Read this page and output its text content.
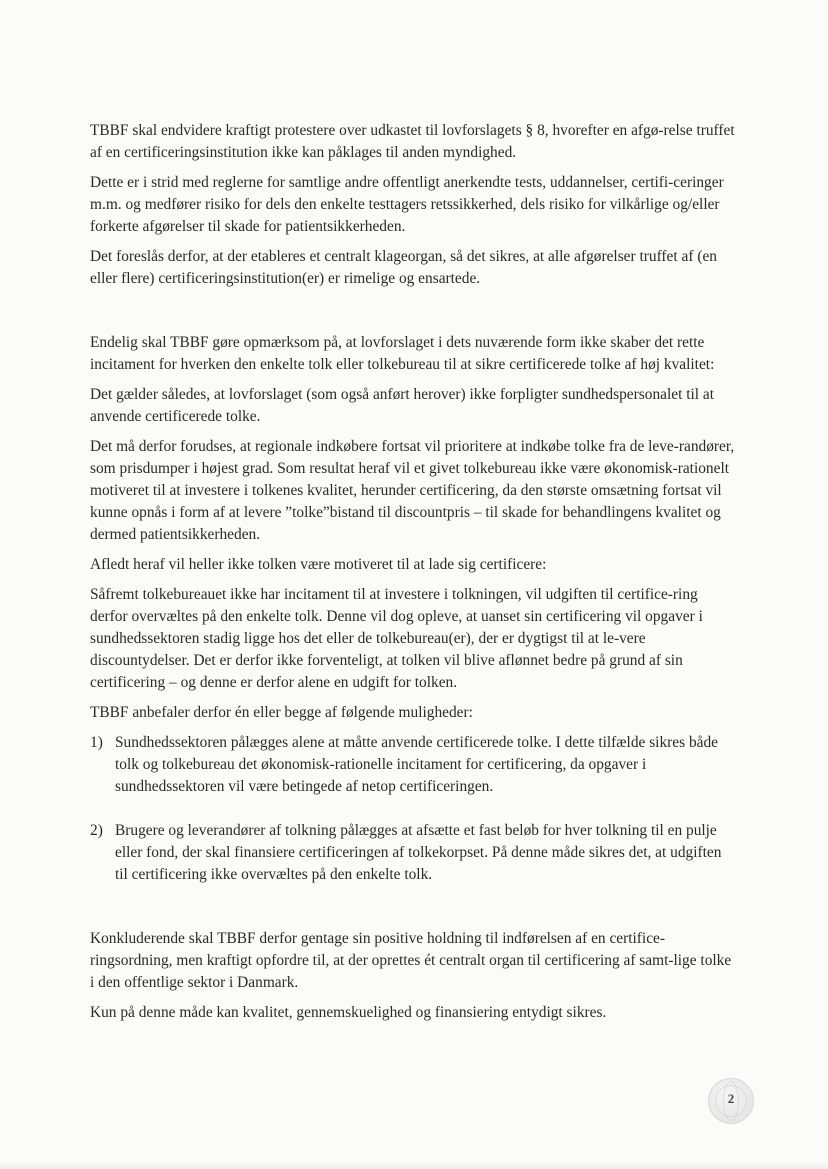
TBBF skal endvidere kraftigt protestere over udkastet til lovforslagets § 8, hvorefter en afgø-relse truffet af en certificeringsinstitution ikke kan påklages til anden myndighed.

Dette er i strid med reglerne for samtlige andre offentligt anerkendte tests, uddannelser, certifi-ceringer m.m. og medfører risiko for dels den enkelte testtagers retssikkerhed, dels risiko for vilkårlige og/eller forkerte afgørelser til skade for patientsikkerheden.

Det foreslås derfor, at der etableres et centralt klageorgan, så det sikres, at alle afgørelser truffet af (en eller flere) certificeringsinstitution(er) er rimelige og ensartede.

Endelig skal TBBF gøre opmærksom på, at lovforslaget i dets nuværende form ikke skaber det rette incitament for hverken den enkelte tolk eller tolkebureau til at sikre certificerede tolke af høj kvalitet:

Det gælder således, at lovforslaget (som også anført herover) ikke forpligter sundhedspersonalet til at anvende certificerede tolke.

Det må derfor forudses, at regionale indkøbere fortsat vil prioritere at indkøbe tolke fra de leve-randører, som prisdumper i højest grad. Som resultat heraf vil et givet tolkebureau ikke være økonomisk-rationelt motiveret til at investere i tolkenes kvalitet, herunder certificering, da den største omsætning fortsat vil kunne opnås i form af at levere ”tolke”bistand til discountpris – til skade for behandlingens kvalitet og dermed patientsikkerheden.

Afledt heraf vil heller ikke tolken være motiveret til at lade sig certificere:

Såfremt tolkebureauet ikke har incitament til at investere i tolkningen, vil udgiften til certifice-ring derfor overvæltes på den enkelte tolk. Denne vil dog opleve, at uanset sin certificering vil opgaver i sundhedssektoren stadig ligge hos det eller de tolkebureau(er), der er dygtigst til at le-vere discountydelser. Det er derfor ikke forventeligt, at tolken vil blive aflønnet bedre på grund af sin certificering – og denne er derfor alene en udgift for tolken.

TBBF anbefaler derfor én eller begge af følgende muligheder:

1) Sundhedssektoren pålægges alene at måtte anvende certificerede tolke. I dette tilfælde sikres både tolk og tolkebureau det økonomisk-rationelle incitament for certificering, da opgaver i sundhedssektoren vil være betingede af netop certificeringen.
2) Brugere og leverandører af tolkning pålægges at afsætte et fast beløb for hver tolkning til en pulje eller fond, der skal finansiere certificeringen af tolkekorpset. På denne måde sikres det, at udgiften til certificering ikke overvæltes på den enkelte tolk.

Konkluderende skal TBBF derfor gentage sin positive holdning til indførelsen af en certifice-ringsordning, men kraftigt opfordre til, at der oprettes ét centralt organ til certificering af samt-lige tolke i den offentlige sektor i Danmark.

Kun på denne måde kan kvalitet, gennemskuelighed og finansiering entydigt sikres.

2
